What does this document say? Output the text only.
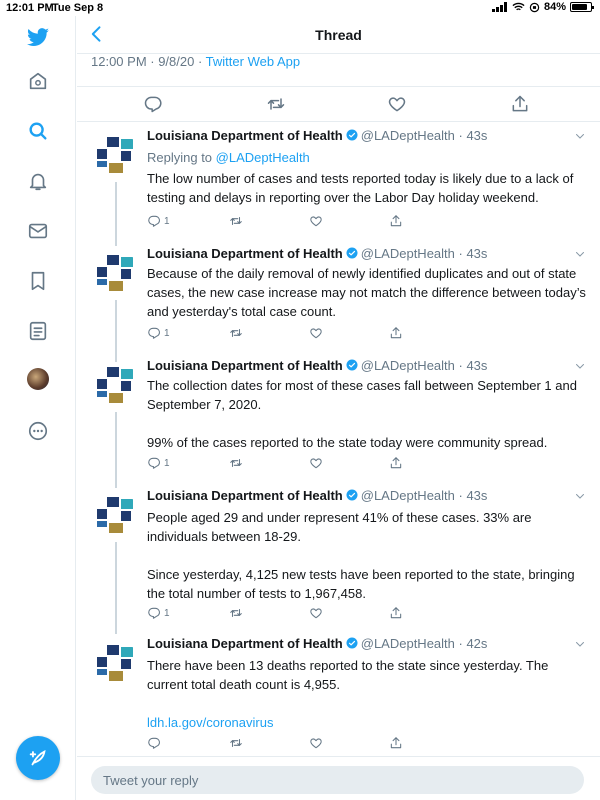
12:01 PM
Tue Sep 8	84%
Thread
12:00 PM · 9/8/20 · Twitter Web App
Louisiana Department of Health @LADeptHealth · 43s
Replying to @LADeptHealth
The low number of cases and tests reported today is likely due to a lack of testing and delays in reporting over the Labor Day holiday weekend.
1
Louisiana Department of Health @LADeptHealth · 43s
Because of the daily removal of newly identified duplicates and out of state cases, the new case increase may not match the difference between today’s and yesterday's total case count.
1
Louisiana Department of Health @LADeptHealth · 43s
The collection dates for most of these cases fall between September 1 and September 7, 2020.
99% of the cases reported to the state today were community spread.
1
Louisiana Department of Health @LADeptHealth · 43s
People aged 29 and under represent 41% of these cases. 33% are individuals between 18-29.
Since yesterday, 4,125 new tests have been reported to the state, bringing the total number of tests to 1,967,458.
1
Louisiana Department of Health @LADeptHealth · 42s
There have been 13 deaths reported to the state since yesterday. The current total death count is 4,955.
ldh.la.gov/coronavirus
Tweet your reply
